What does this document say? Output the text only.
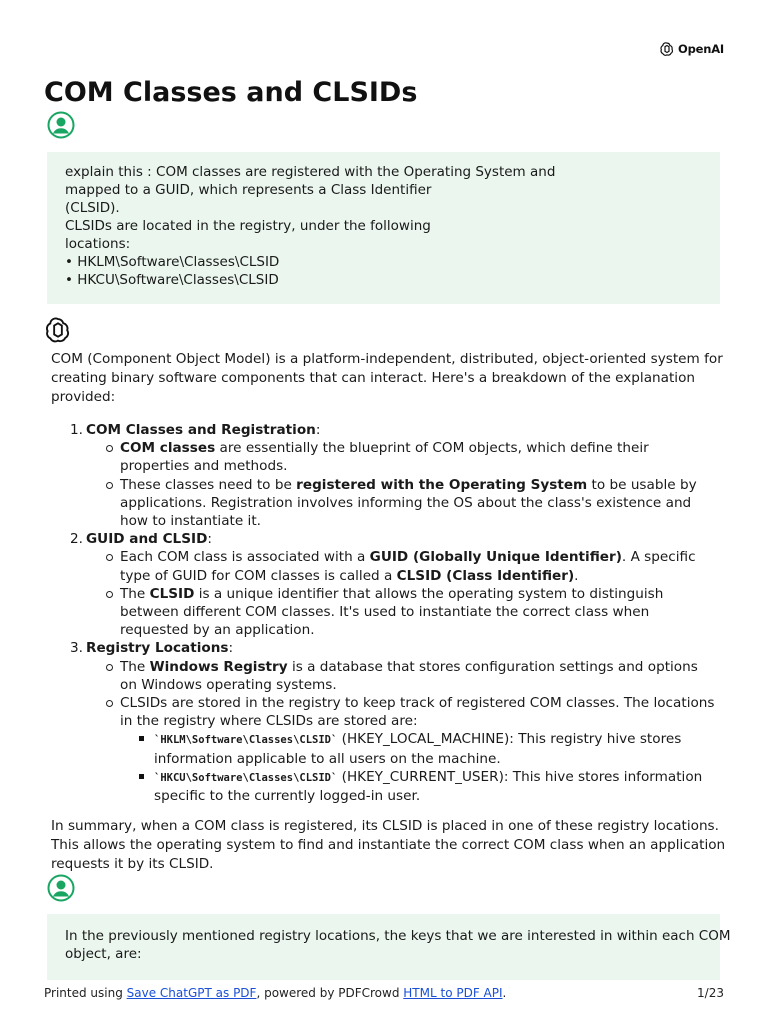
OpenAI
COM Classes and CLSIDs
explain this : COM classes are registered with the Operating System and
mapped to a GUID, which represents a Class Identifier
(CLSID).
CLSIDs are located in the registry, under the following
locations:
• HKLM\Software\Classes\CLSID
• HKCU\Software\Classes\CLSID

COM (Component Object Model) is a platform-independent, distributed, object-oriented system for creating binary software components that can interact. Here's a breakdown of the explanation provided:

1. COM Classes and Registration:
COM classes are essentially the blueprint of COM objects, which define their properties and methods.
These classes need to be registered with the Operating System to be usable by applications. Registration involves informing the OS about the class's existence and how to instantiate it.
2. GUID and CLSID:
Each COM class is associated with a GUID (Globally Unique Identifier). A specific type of GUID for COM classes is called a CLSID (Class Identifier).
The CLSID is a unique identifier that allows the operating system to distinguish between different COM classes. It's used to instantiate the correct class when requested by an application.
3. Registry Locations:
The Windows Registry is a database that stores configuration settings and options on Windows operating systems.
CLSIDs are stored in the registry to keep track of registered COM classes. The locations in the registry where CLSIDs are stored are:
`HKLM\Software\Classes\CLSID` (HKEY_LOCAL_MACHINE): This registry hive stores information applicable to all users on the machine.
`HKCU\Software\Classes\CLSID` (HKEY_CURRENT_USER): This hive stores information specific to the currently logged-in user.

In summary, when a COM class is registered, its CLSID is placed in one of these registry locations. This allows the operating system to find and instantiate the correct COM class when an application requests it by its CLSID.

In the previously mentioned registry locations, the keys that we are interested in within each COM
object, are:
Printed using Save ChatGPT as PDF, powered by PDFCrowd HTML to PDF API.	1/23
